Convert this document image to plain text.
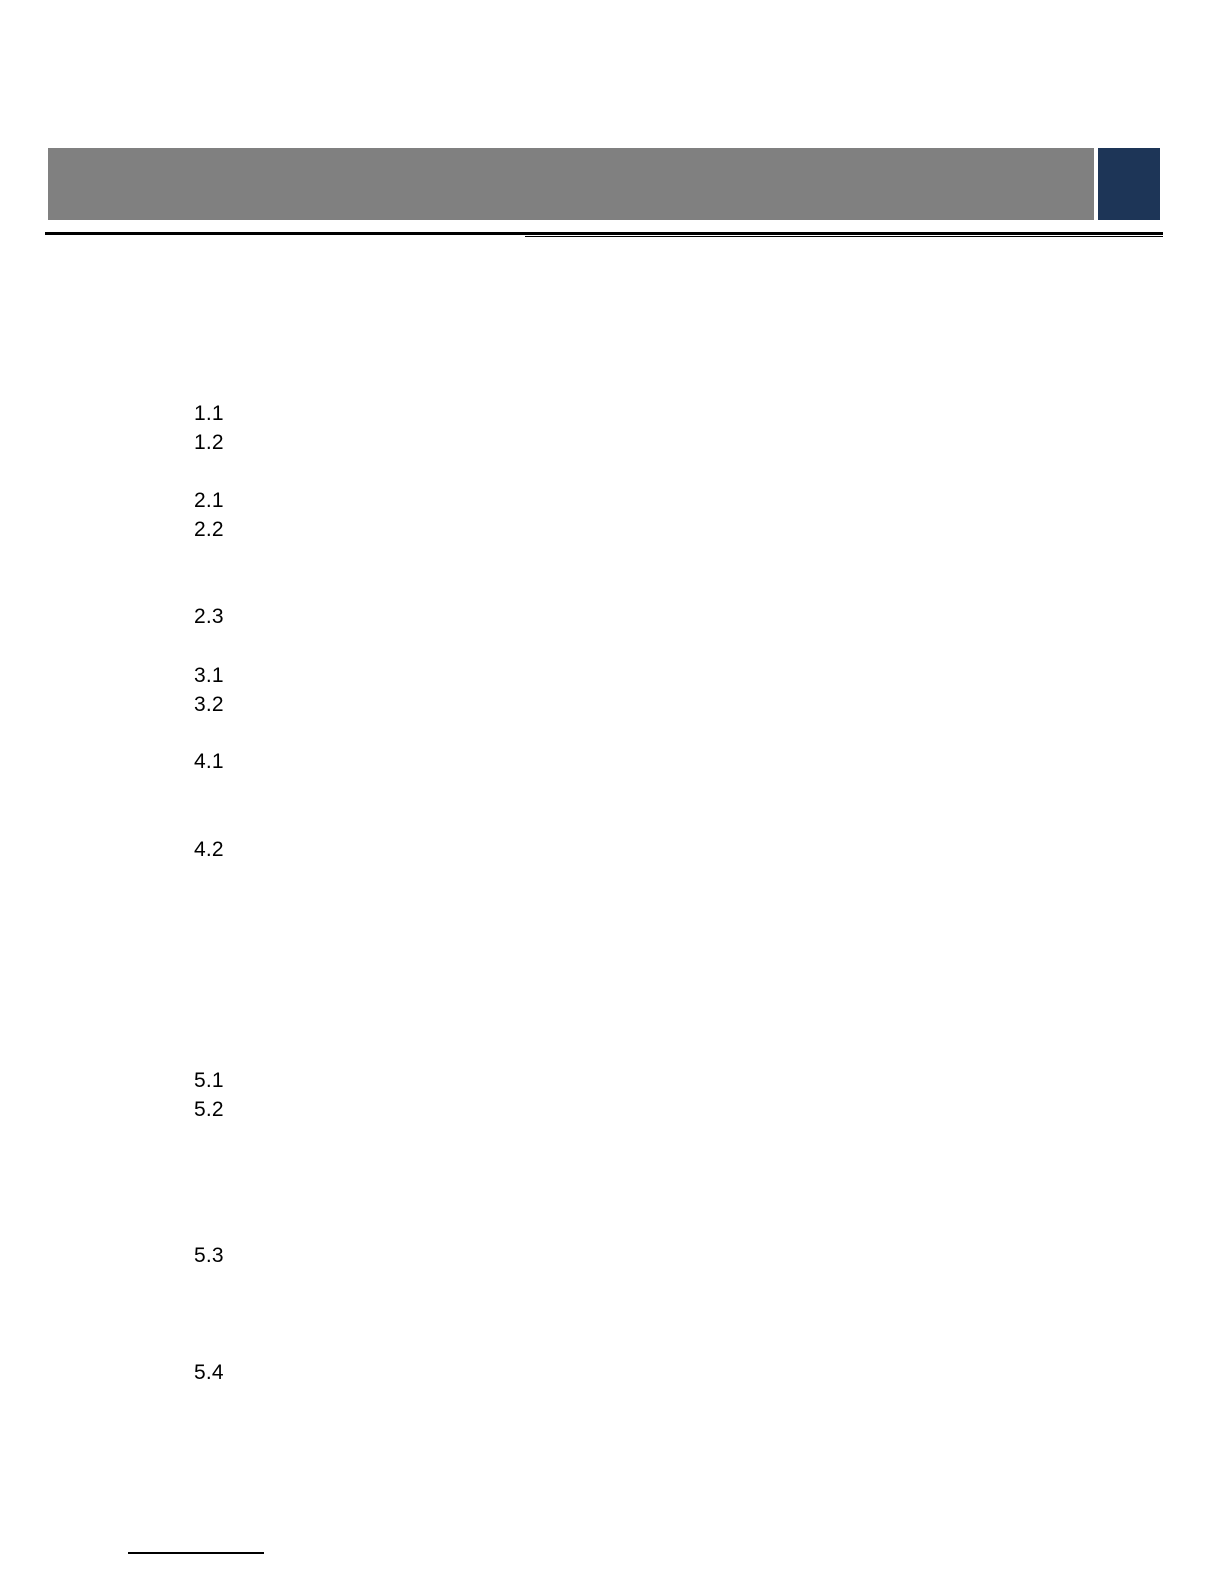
1.1
1.2
2.1
2.2
2.3
3.1
3.2
4.1
4.2
5.1
5.2
5.3
5.4
